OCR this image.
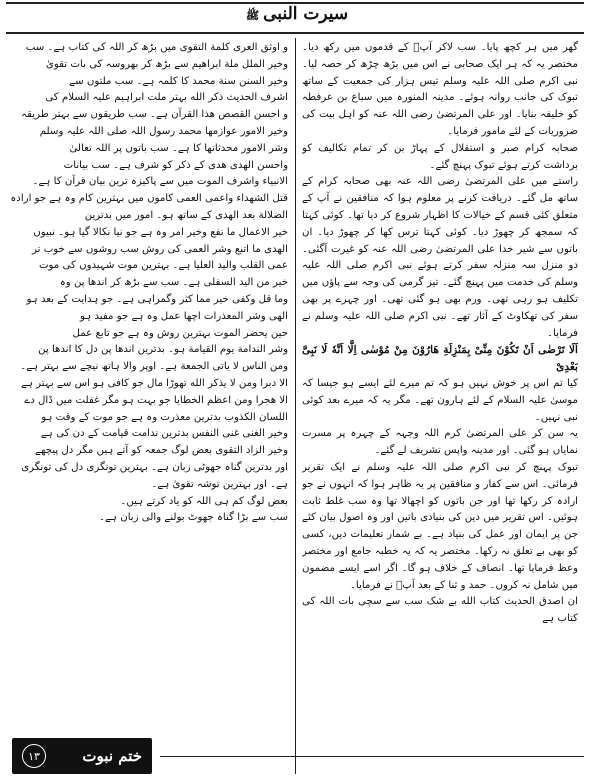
سیرت النبیﷺ

گھر میں ہر کچھ پایا۔ سب لاکر آپؐ کے قدموں میں رکھ دیا۔ مختصر یہ کہ ہر ایک صحابی نے اس میں بڑھ چڑھ کر حصہ لیا۔ نبی اکرم صلی اللہ علیہ وسلم تیس ہزار کی جمعیت کے ساتھ تبوک کی جانب روانہ ہوئے۔ مدینہ المنورہ میں سباع بن عرفطہ کو خلیفہ بنایا۔ اور علی المرتضیٰ رضی اللہ عنہ کو اہل بیت کی ضروریات کے لئے مامور فرمایا۔

صحابہ کرام صبر و استقلال کے پہاڑ بن کر تمام تکالیف کو برداشت کرتے ہوئے تبوک پہنچ گئے۔

راستے میں علی المرتضیٰ رضی اللہ عنہ بھی صحابہ کرام کے ساتھ مل گئے۔ دریافت کرنے پر معلوم ہوا کہ منافقین نے آپ کے متعلق کئی قسم کے خیالات کا اظہار شروع کر دیا تھا۔ کوئی کہتا کہ سمجھ کر چھوڑ دیا۔ کوئی کہتا ترس کھا کر چھوڑ دیا۔ ان باتوں سے شیر خدا علی المرتضیٰ رضی اللہ عنہ کو غیرت آگئی۔ دو منزل سہ منزلہ سفر کرتے ہوئے نبی اکرم صلی اللہ علیہ وسلم کی خدمت میں پہنچ گئے۔ تیز گرمی کی وجہ سے پاؤں میں تکلیف ہو رہی تھی۔ ورم بھی ہو گئی تھی۔ اور چہرے پر بھی سفر کی تھکاوٹ کے آثار تھے۔ نبی اکرم صلی اللہ علیہ وسلم نے فرمایا۔

اَلَا تَرْضٰى اَنْ تَكُوْنَ مِنِّىْ بِمَنْزِلَةِ هَارُوْنَ مِنْ مُوْسٰى اِلَّا اَنَّهٗ لَا نَبِىَّ بَعْدِىْ

کیا تم اس پر خوش نہیں ہو کہ تم میرے لئے ایسے ہو جیسا کہ موسیٰ علیہ السلام کے لئے ہارون تھے۔ مگر یہ کہ میرے بعد کوئی نبی نہیں۔

یہ سن کر علی المرتضیٰ کرم اللہ وجہہ کے چہرہ پر مسرت نمایاں ہو گئی۔ اور مدینہ واپس تشریف لے گئے۔

تبوک پہنچ کر نبی اکرم صلی اللہ علیہ وسلم نے ایک تقریر فرمائی۔ اس سے کفار و منافقین پر یہ ظاہر ہوا کہ انہوں نے جو ارادہ کر رکھا تھا اور جن باتوں کو اچھالا تھا وہ سب غلط ثابت ہوئیں۔ اس تقریر میں دین کی بنیادی باتیں اور وہ اصول بیان کئے جن پر ایمان اور عمل کی بنیاد ہے۔ بے شمار تعلیمات دیں، کسی کو بھی بے تعلق نہ رکھا۔ مختصر یہ کہ یہ خطبہ جامع اور مختصر وعظ فرمایا تھا۔ انصاف کے خلاف ہو گا۔ اگر اسے ایسے مضمون میں شامل نہ کروں۔ حمد و ثنا کے بعد آپؐ نے فرمایا۔

ان اصدق الحديث كتاب الله بے شک سب سے سچی بات اللہ کی کتاب ہے

و اوثق العرى كلمة التقوى میں بڑھ کر اللہ کی کتاب ہے۔ سب

وخير الملل ملة ابراهيم سے بڑھ کر بھروسہ کی بات تقویٰ

وخير السنن سنة محمد کا کلمہ ہے۔ سب ملتوں سے

اشرف الحديث ذكر الله بہتر ملت ابراہیم علیہ السلام کی

و احسن القصص هذا القرآن ہے۔ سب طریقوں سے بہتر طریقہ

وخير الامور عوازمها محمد رسول اللہ صلی اللہ علیہ وسلم

وشر الامور محدثاتها کا ہے۔ سب باتوں پر اللہ تعالیٰ

واحسن الهدى هدى کے ذکر کو شرف ہے۔ سب بیانات

الانبياء واشرف الموت میں سے پاکیزہ ترین بیان قرآن کا ہے۔

قتل الشهداء واعمى العمى کاموں میں بہترین کام وہ ہے جو ارادہ

الضلالة بعد الهدى کے ساتھ ہو۔ امور میں بدترین

خير الاعمال ما نفع وخير امر وہ ہے جو نیا نکالا گیا ہو۔ نبیوں

الهدى ما اتبع وشر العمى کی روش سب روشوں سے خوب تر

عمى القلب واليد العليا ہے۔ بہترین موت شہیدوں کی موت

خير من اليد السفلى ہے۔ سب سے بڑھ کر اندھا پن وہ

وما قل وكفى خير مما كثر وگمراہی ہے۔ جو ہدایت کے بعد ہو

الهى وشر المعذرات اچھا عمل وہ ہے جو مفید ہو

حين يحضر الموت بہترین روش وہ ہے جو تابع عمل

وشر الندامة يوم القيامة ہو۔ بدترین اندھا پن دل کا اندھا پن

ومن الناس لا ياتى الجمعة ہے۔ اوپر والا ہاتھ نیچے سے بہتر ہے۔

الا دبرا ومن لا يذكر الله تھوڑا مال جو کافی ہو اس سے بہتر ہے

الا هجرا ومن اعظم الخطايا جو بہت ہو مگر غفلت میں ڈال دے

اللسان الكذوب بدترین معذرت وہ ہے جو موت کے وقت ہو

وخير الغنى غنى النفس بدترین ندامت قیامت کے دن کی ہے

وخير الزاد التقوى بعض لوگ جمعہ کو آتے ہیں مگر دل پیچھے

اور بدترین گناہ جھوٹی زبان ہے۔ بہترین تونگری دل کی تونگری

ہے۔ اور بہترین توشہ تقویٰ ہے۔

بعض لوگ کم ہی اللہ کو یاد کرتے ہیں۔

سب سے بڑا گناہ جھوٹ بولنے والی زبان ہے۔

۱۳	ختم نبوت
